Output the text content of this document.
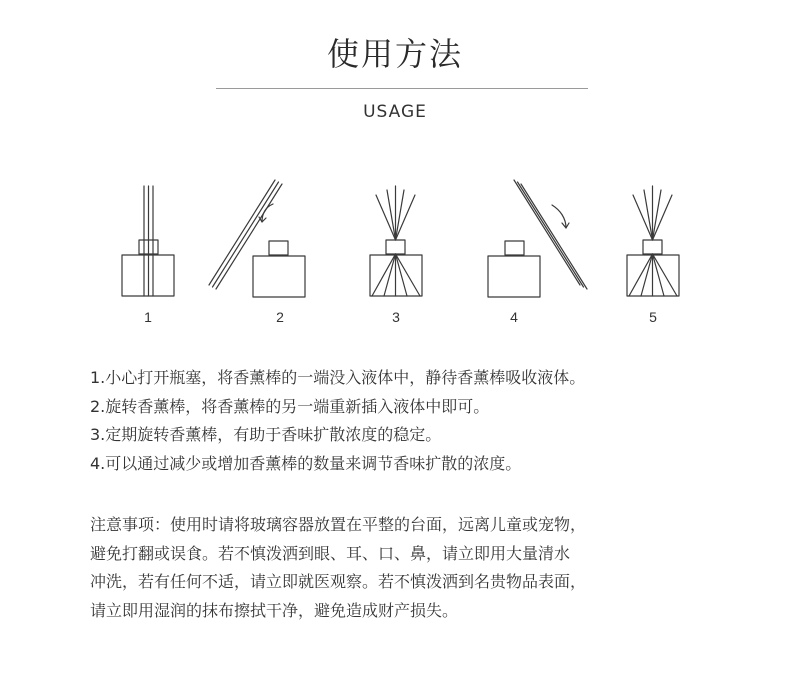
使用方法
USAGE
1	2	3	4	5
1.小心打开瓶塞，将香薰棒的一端没入液体中，静待香薰棒吸收液体。
2.旋转香薰棒，将香薰棒的另一端重新插入液体中即可。
3.定期旋转香薰棒，有助于香味扩散浓度的稳定。
4.可以通过减少或增加香薰棒的数量来调节香味扩散的浓度。
注意事项：使用时请将玻璃容器放置在平整的台面，远离儿童或宠物，
避免打翻或误食。若不慎泼洒到眼、耳、口、鼻，请立即用大量清水
冲洗，若有任何不适，请立即就医观察。若不慎泼洒到名贵物品表面，
请立即用湿润的抹布擦拭干净，避免造成财产损失。
